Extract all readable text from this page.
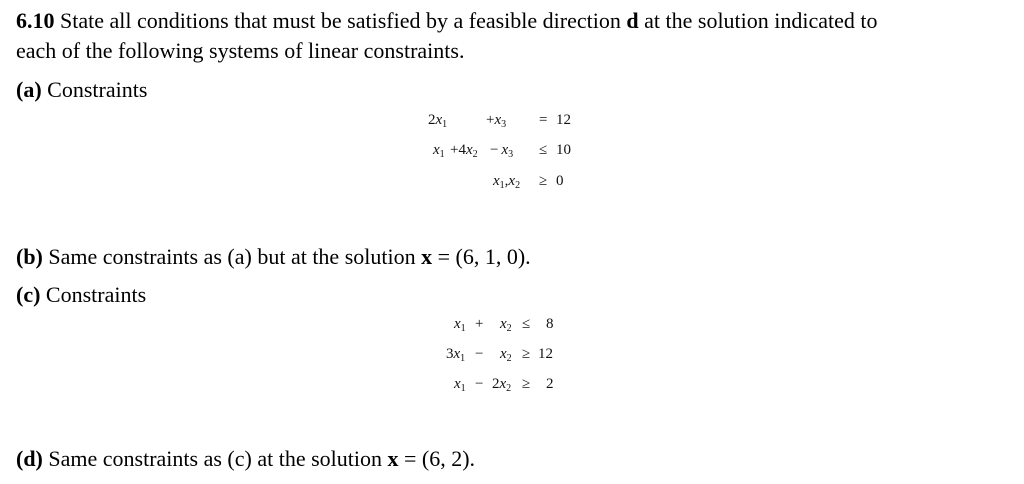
6.10 State all conditions that must be satisfied by a feasible direction d at the solution indicated to
each of the following systems of linear constraints.
(a) Constraints
$2x_1$	$+x_3 = 12$
$x_1 +4x_2 - x_3 \le 10$
$x_1,x_2 \ge 0$
(b) Same constraints as (a) but at the solution x = (6, 1, 0).
(c) Constraints
$x_1 + x_2 \le 8$
$3x_1 - x_2 \ge 12$
$x_1 - 2x_2 \ge 2$
(d) Same constraints as (c) at the solution x = (6, 2).
